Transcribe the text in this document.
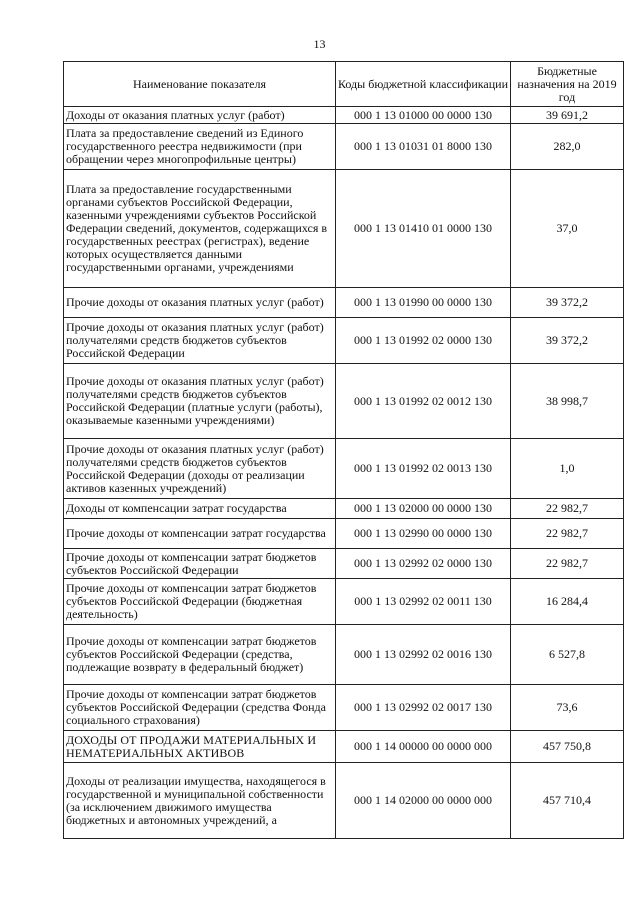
13
Наименование показателя	Коды бюджетной классификации	Бюджетные назначения на 2019 год
Доходы от оказания платных услуг (работ)	000 1 13 01000 00 0000 130	39 691,2
Плата за предоставление сведений из Единого государственного реестра недвижимости (при обращении через многопрофильные центры)	000 1 13 01031 01 8000 130	282,0
Плата за предоставление государственными органами субъектов Российской Федерации, казенными учреждениями субъектов Российской Федерации сведений, документов, содержащихся в государственных реестрах (регистрах), ведение которых осуществляется данными государственными органами, учреждениями	000 1 13 01410 01 0000 130	37,0
Прочие доходы от оказания платных услуг (работ)	000 1 13 01990 00 0000 130	39 372,2
Прочие доходы от оказания платных услуг (работ) получателями средств бюджетов субъектов Российской Федерации	000 1 13 01992 02 0000 130	39 372,2
Прочие доходы от оказания платных услуг (работ) получателями средств бюджетов субъектов Российской Федерации (платные услуги (работы), оказываемые казенными учреждениями)	000 1 13 01992 02 0012 130	38 998,7
Прочие доходы от оказания платных услуг (работ) получателями средств бюджетов субъектов Российской Федерации (доходы от реализации активов казенных учреждений)	000 1 13 01992 02 0013 130	1,0
Доходы от компенсации затрат государства	000 1 13 02000 00 0000 130	22 982,7
Прочие доходы от компенсации затрат государства	000 1 13 02990 00 0000 130	22 982,7
Прочие доходы от компенсации затрат бюджетов субъектов Российской Федерации	000 1 13 02992 02 0000 130	22 982,7
Прочие доходы от компенсации затрат бюджетов субъектов Российской Федерации (бюджетная деятельность)	000 1 13 02992 02 0011 130	16 284,4
Прочие доходы от компенсации затрат бюджетов субъектов Российской Федерации (средства, подлежащие возврату в федеральный бюджет)	000 1 13 02992 02 0016 130	6 527,8
Прочие доходы от компенсации затрат бюджетов субъектов Российской Федерации (средства Фонда социального страхования)	000 1 13 02992 02 0017 130	73,6
ДОХОДЫ ОТ ПРОДАЖИ МАТЕРИАЛЬНЫХ И НЕМАТЕРИАЛЬНЫХ АКТИВОВ	000 1 14 00000 00 0000 000	457 750,8
Доходы от реализации имущества, находящегося в государственной и муниципальной собственности (за исключением движимого имущества бюджетных и автономных учреждений, а	000 1 14 02000 00 0000 000	457 710,4
